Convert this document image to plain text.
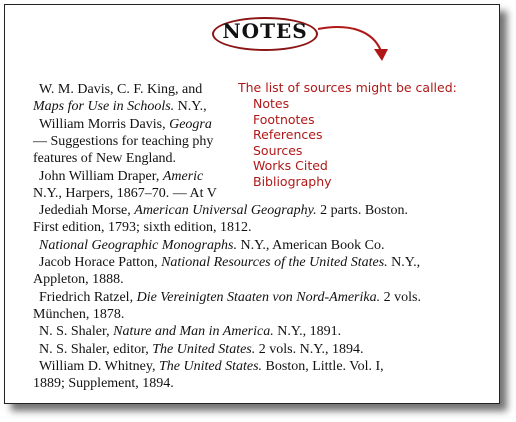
NOTES
W. M. Davis, C. F. King, and
Maps for Use in Schools. N.Y.,
William Morris Davis, Geogra
— Suggestions for teaching phy
features of New England.
John William Draper, Americ
N.Y., Harpers, 1867–70. — At V
Jedediah Morse, American Universal Geography. 2 parts. Boston.
First edition, 1793; sixth edition, 1812.
National Geographic Monographs. N.Y., American Book Co.
Jacob Horace Patton, National Resources of the United States. N.Y.,
Appleton, 1888.
Friedrich Ratzel, Die Vereinigten Staaten von Nord-Amerika. 2 vols.
München, 1878.
N. S. Shaler, Nature and Man in America. N.Y., 1891.
N. S. Shaler, editor, The United States. 2 vols. N.Y., 1894.
William D. Whitney, The United States. Boston, Little. Vol. I,
1889; Supplement, 1894.
The list of sources might be called:
Notes
Footnotes
References
Sources
Works Cited
Bibliography
